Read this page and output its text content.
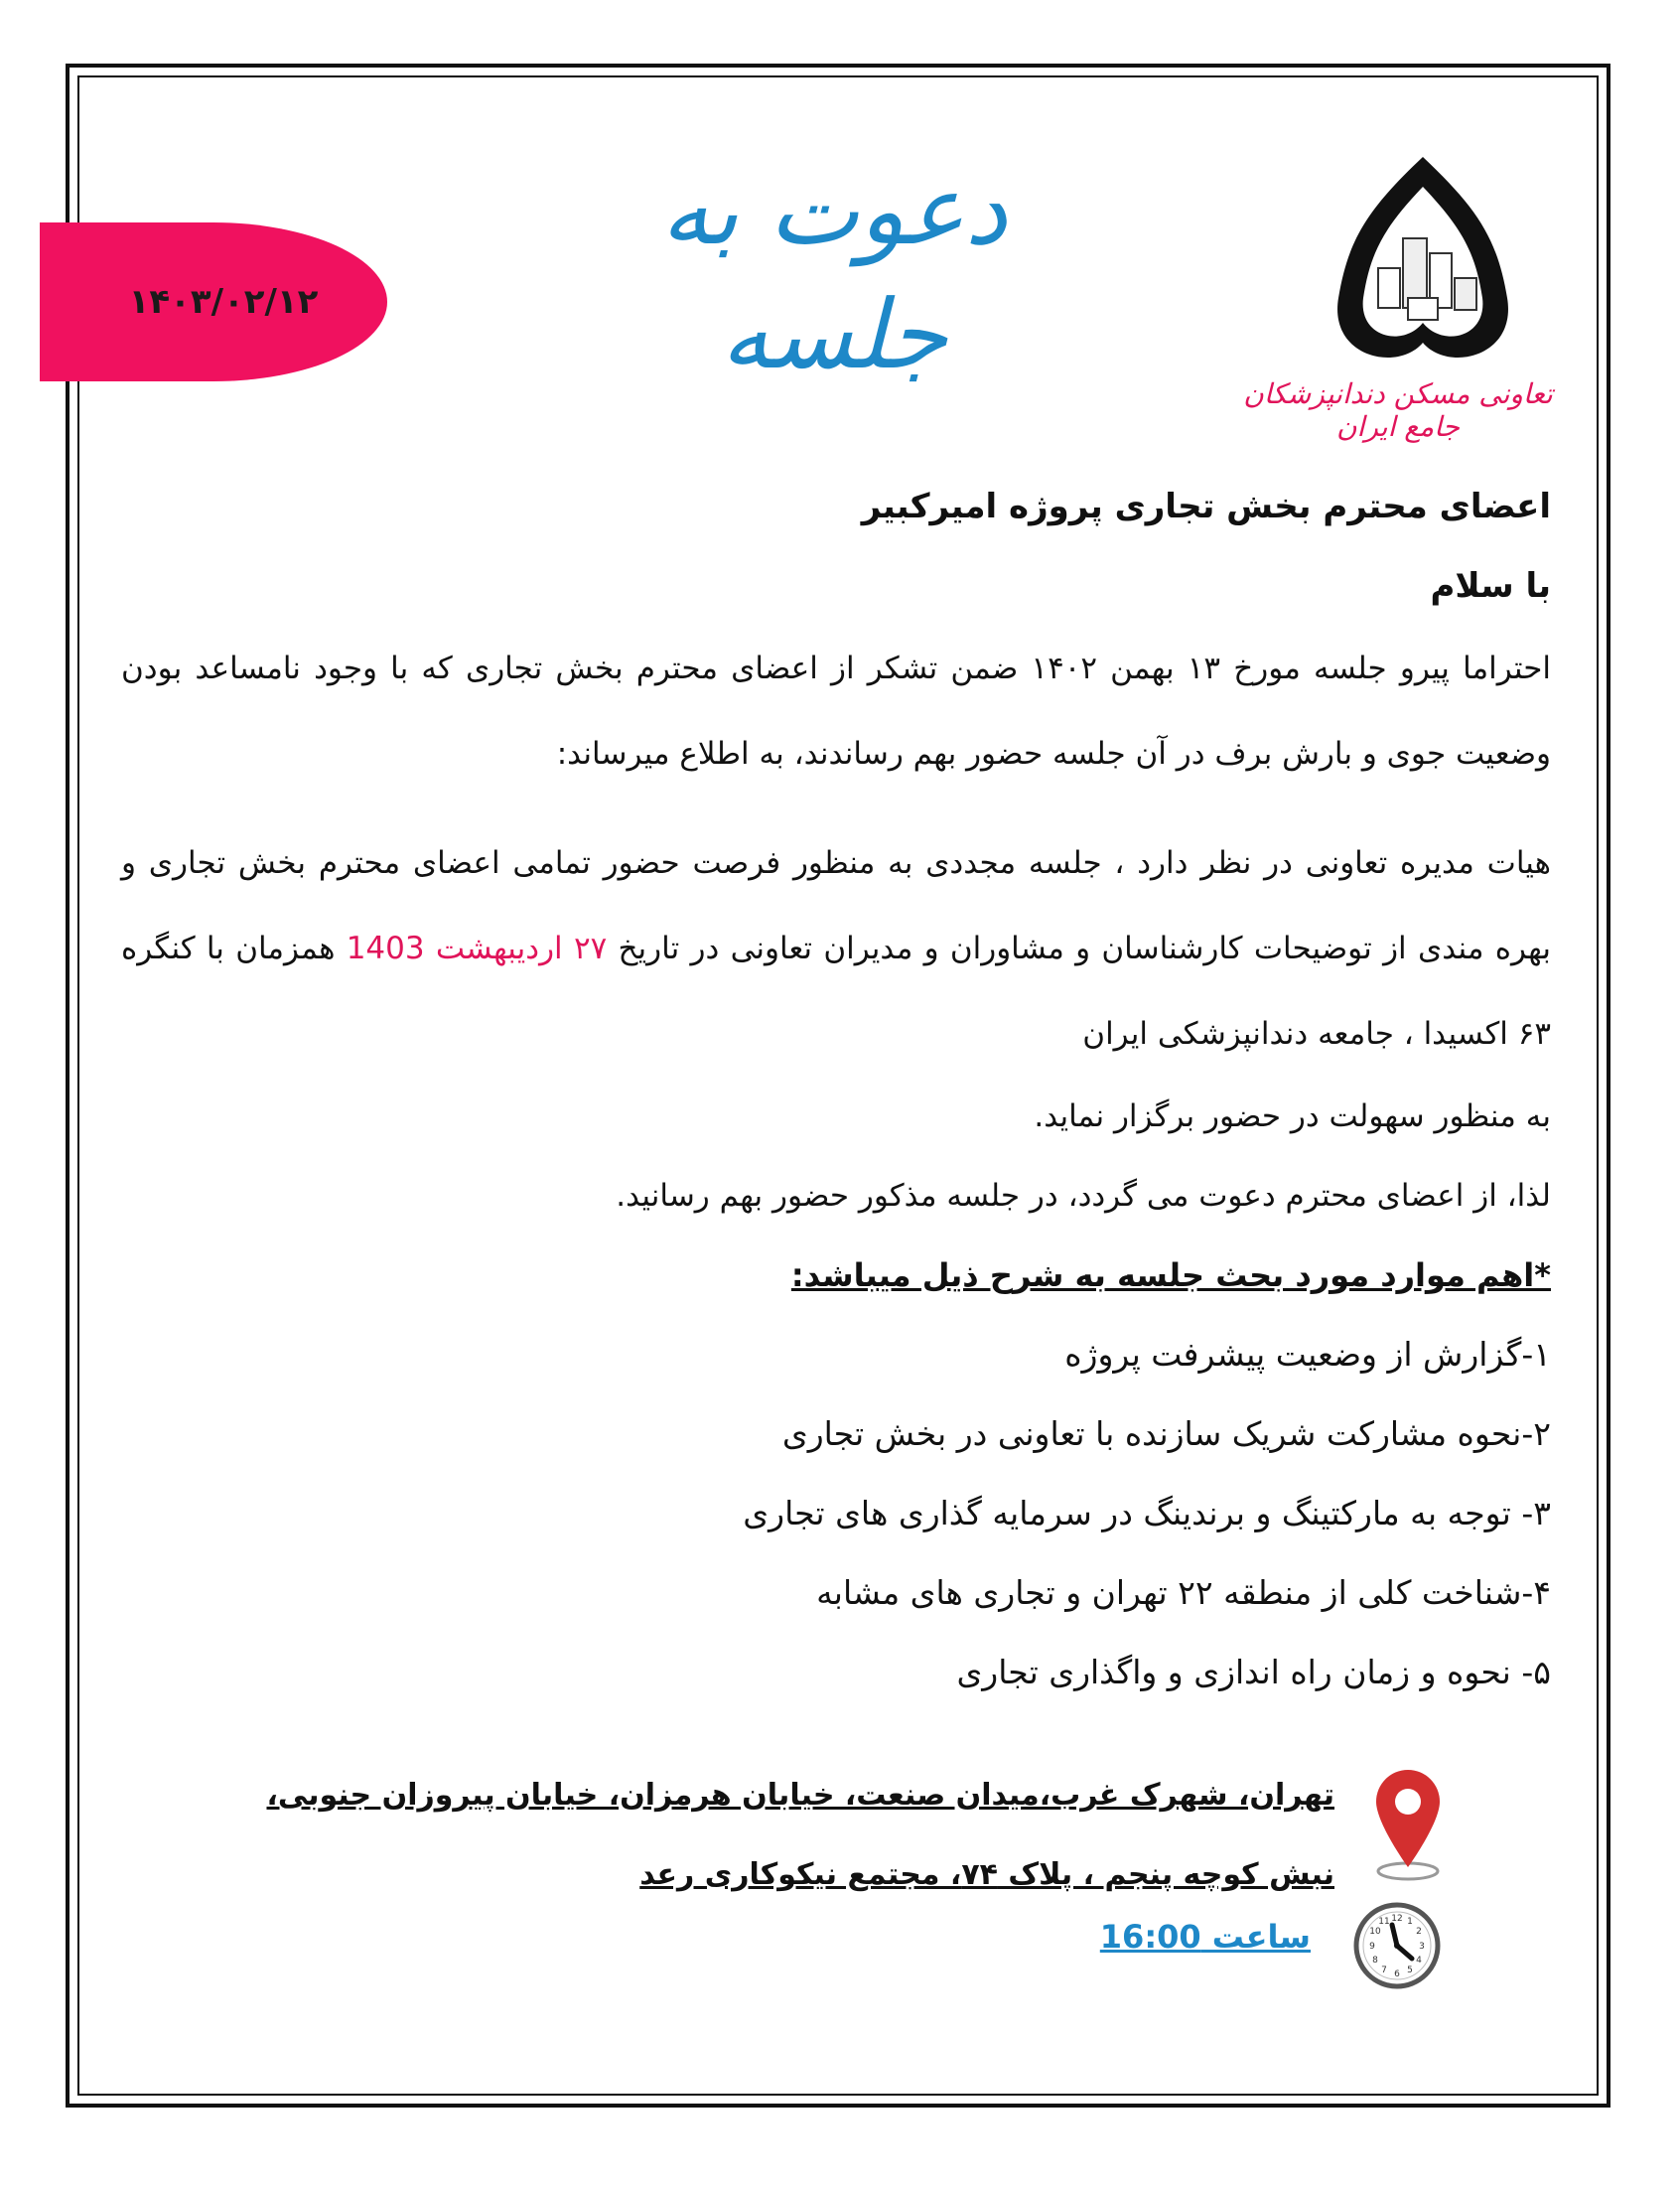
۱۴۰۳/۰۲/۱۲
دعوت به جلسه
تعاونی مسکن دندانپزشکان جامع ایران
اعضای محترم بخش تجاری پروژه امیرکبیر
با سلام
احتراما پیرو جلسه مورخ ۱۳ بهمن ۱۴۰۲ ضمن تشکر از اعضای محترم بخش تجاری که با وجود نامساعد بودن وضعیت جوی و بارش برف در آن جلسه حضور بهم رساندند، به اطلاع میرساند:
هیات مدیره تعاونی در نظر دارد ، جلسه مجددی به منظور فرصت حضور تمامی اعضای محترم بخش تجاری و بهره مندی از توضیحات کارشناسان و مشاوران و مدیران تعاونی در تاریخ ۲۷ اردیبهشت 1403 همزمان با کنگره ۶۳ اکسیدا ، جامعه دندانپزشکی ایران
به منظور سهولت در حضور برگزار نماید.
لذا، از اعضای محترم دعوت می گردد، در جلسه مذکور حضور بهم رسانید.
*اهم موارد مورد بحث جلسه به شرح ذیل میباشد:
۱-گزارش از وضعیت پیشرفت پروژه
۲-نحوه مشارکت شریک سازنده با تعاونی در بخش تجاری
۳- توجه به مارکتینگ و برندینگ در سرمایه گذاری های تجاری
۴-شناخت کلی از منطقه ۲۲ تهران و تجاری های مشابه
۵- نحوه و زمان راه اندازی و واگذاری تجاری
تهران، شهرک غرب،میدان صنعت، خیابان هرمزان، خیابان پیروزان جنوبی،
نبش کوچه پنجم ، پلاک ۷۴، مجتمع نیکوکاری رعد
12 1
2
3
4
5
6
7
8
9
10
11
ساعت 16:00
